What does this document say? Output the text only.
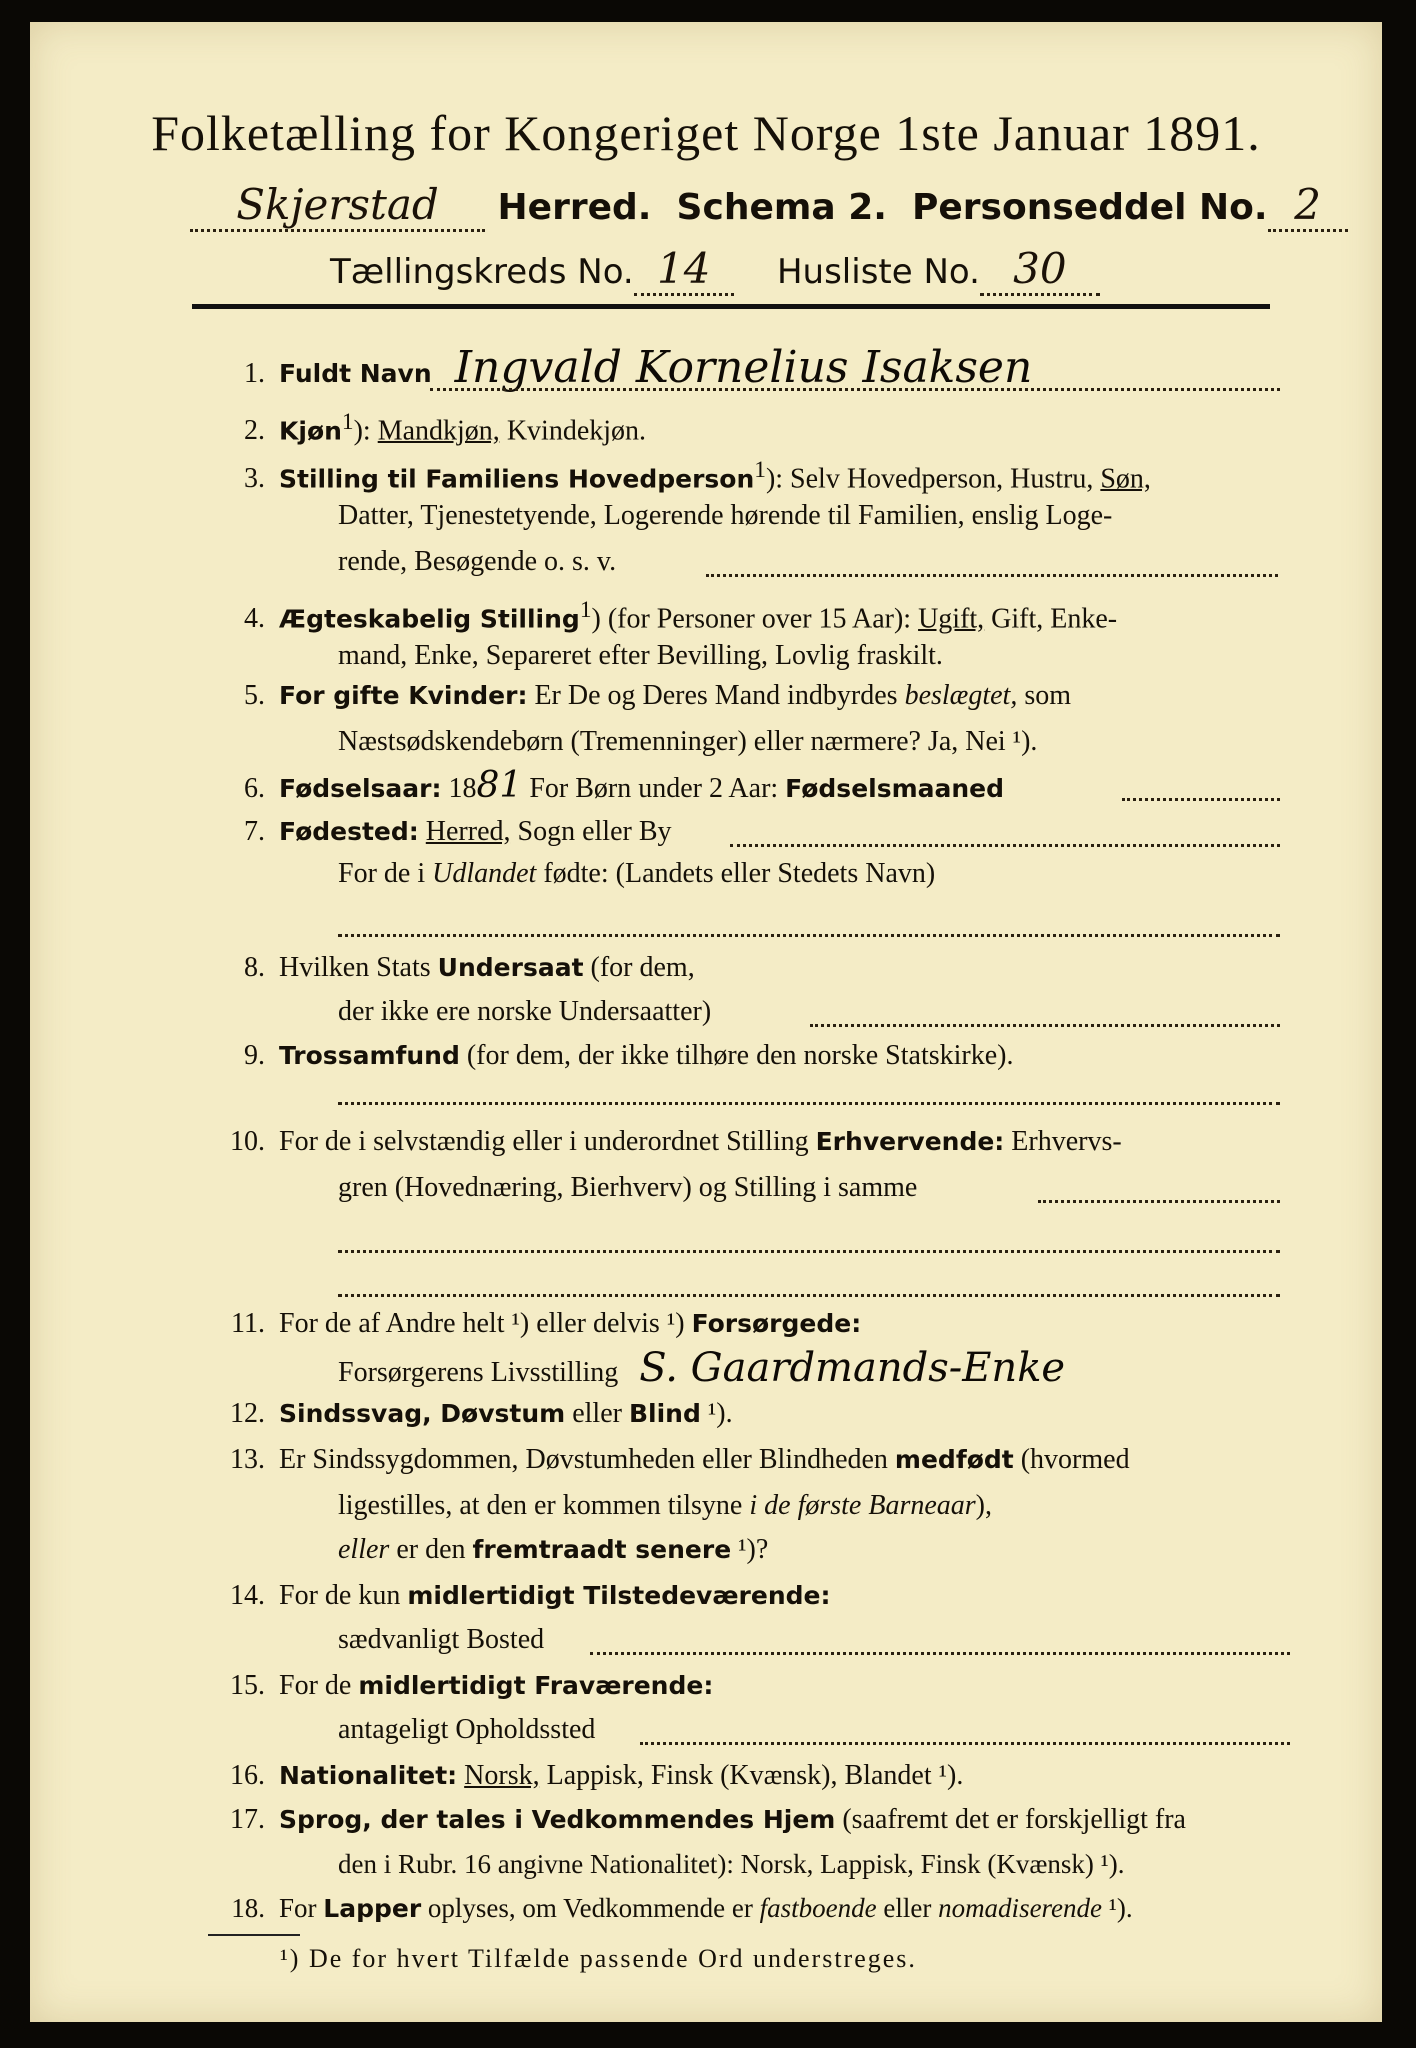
Folketælling for Kongeriget Norge 1ste Januar 1891.
Skjerstad Herred. Schema 2. Personseddel No. 2
Tællingskreds No. 14 Husliste No. 30
1. Fuldt Navn Ingvald Kornelius Isaksen
2. Kjøn$^1$): Mandkjøn, Kvindekjøn.
3. Stilling til Familiens Hovedperson$^1$): Selv Hovedperson, Hustru, Søn,
Datter, Tjenestetyende, Logerende hørende til Familien, enslig Loge-
rende, Besøgende o. s. v.
4. Ægteskabelig Stilling$^1$) (for Personer over 15 Aar): Ugift, Gift, Enke-
mand, Enke, Separeret efter Bevilling, Lovlig fraskilt.
5. For gifte Kvinder: Er De og Deres Mand indbyrdes beslægtet, som
Næstsødskendebørn (Tremenninger) eller nærmere? Ja, Nei ¹).
6. Fødselsaar: 1881 For Børn under 2 Aar: Fødselsmaaned
7. Fødested: Herred, Sogn eller By
For de i Udlandet fødte: (Landets eller Stedets Navn)
8. Hvilken Stats Undersaat (for dem,
der ikke ere norske Undersaatter)
9. Trossamfund (for dem, der ikke tilhøre den norske Statskirke).
10. For de i selvstændig eller i underordnet Stilling Erhvervende: Erhvervs-
gren (Hovednæring, Bierhverv) og Stilling i samme
11. For de af Andre helt ¹) eller delvis ¹) Forsørgede:
Forsørgerens Livsstilling S. Gaardmands-Enke
12. Sindssvag, Døvstum eller Blind ¹).
13. Er Sindssygdommen, Døvstumheden eller Blindheden medfødt (hvormed
ligestilles, at den er kommen tilsyne i de første Barneaar),
eller er den fremtraadt senere ¹)?
14. For de kun midlertidigt Tilstedeværende:
sædvanligt Bosted
15. For de midlertidigt Fraværende:
antageligt Opholdssted
16. Nationalitet: Norsk, Lappisk, Finsk (Kvænsk), Blandet ¹).
17. Sprog, der tales i Vedkommendes Hjem (saafremt det er forskjelligt fra
den i Rubr. 16 angivne Nationalitet): Norsk, Lappisk, Finsk (Kvænsk) ¹).
18. For Lapper oplyses, om Vedkommende er fastboende eller nomadiserende ¹).
¹) De for hvert Tilfælde passende Ord understreges.
